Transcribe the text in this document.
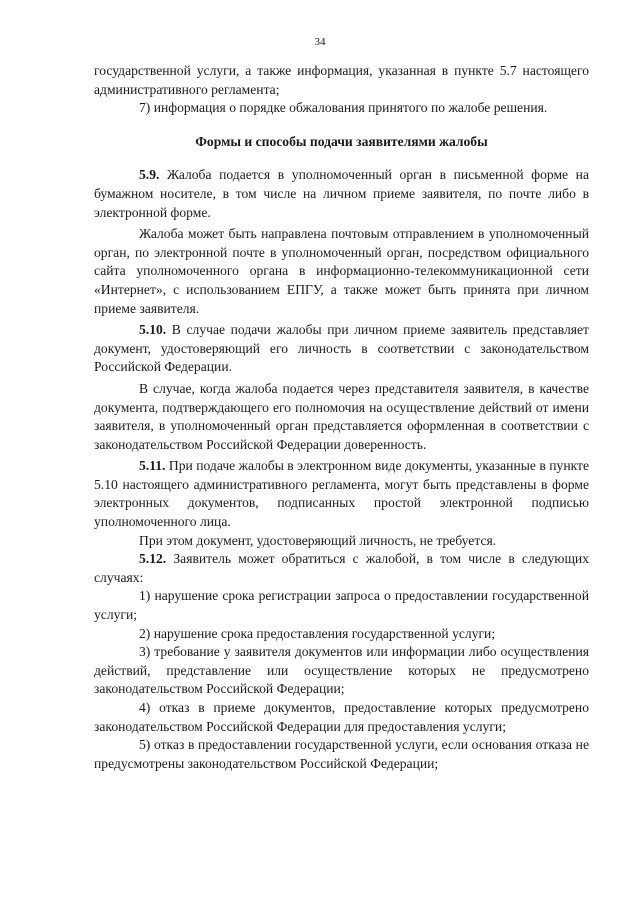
34

государственной услуги, а также информация, указанная в пункте 5.7 настоящего административного регламента;

7) информация о порядке обжалования принятого по жалобе решения.

Формы и способы подачи заявителями жалобы

5.9. Жалоба подается в уполномоченный орган в письменной форме на бумажном носителе, в том числе на личном приеме заявителя, по почте либо в электронной форме.

Жалоба может быть направлена почтовым отправлением в уполномоченный орган, по электронной почте в уполномоченный орган, посредством официального сайта уполномоченного органа в информационно-телекоммуникационной сети «Интернет», с использованием ЕПГУ, а также может быть принята при личном приеме заявителя.

5.10. В случае подачи жалобы при личном приеме заявитель представляет документ, удостоверяющий его личность в соответствии с законодательством Российской Федерации.

В случае, когда жалоба подается через представителя заявителя, в качестве документа, подтверждающего его полномочия на осуществление действий от имени заявителя, в уполномоченный орган представляется оформленная в соответствии с законодательством Российской Федерации доверенность.

5.11. При подаче жалобы в электронном виде документы, указанные в пункте 5.10 настоящего административного регламента, могут быть представлены в форме электронных документов, подписанных простой электронной подписью уполномоченного лица.

При этом документ, удостоверяющий личность, не требуется.

5.12. Заявитель может обратиться с жалобой, в том числе в следующих случаях:

1) нарушение срока регистрации запроса о предоставлении государственной услуги;

2) нарушение срока предоставления государственной услуги;

3) требование у заявителя документов или информации либо осуществления действий, представление или осуществление которых не предусмотрено законодательством Российской Федерации;

4) отказ в приеме документов, предоставление которых предусмотрено законодательством Российской Федерации для предоставления услуги;

5) отказ в предоставлении государственной услуги, если основания отказа не предусмотрены законодательством Российской Федерации;
